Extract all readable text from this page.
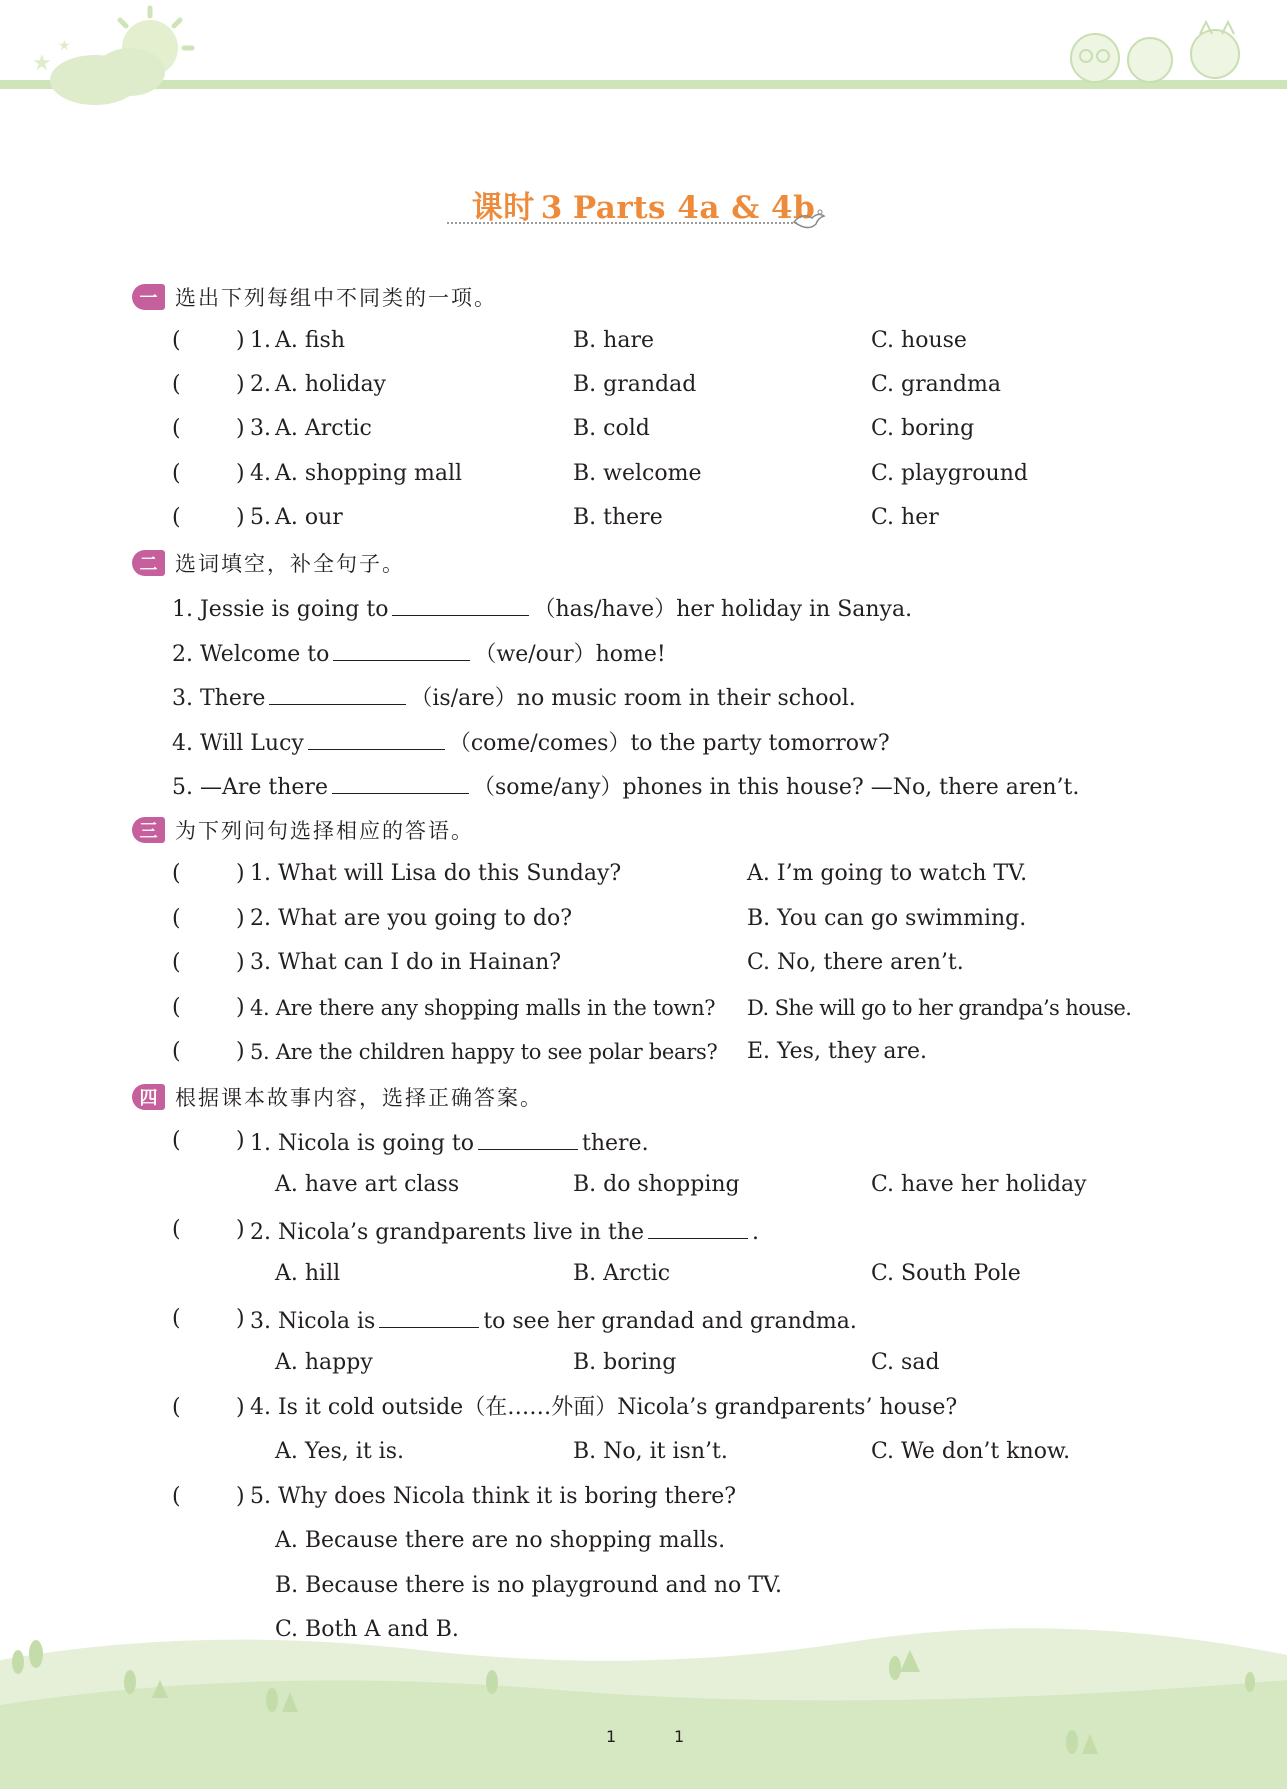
★
★
课时 3 Parts 4a & 4b
一 选出下列每组中不同类的一项。
(	) 1. A. fish	B. hare	C. house
(	) 2. A. holiday	B. grandad	C. grandma
(	) 3. A. Arctic	B. cold	C. boring
(	) 4. A. shopping mall	B. welcome	C. playground
(	) 5. A. our	B. there	C. her
二 选词填空，补全句子。
1. Jessie is going to	（has/have）her holiday in Sanya.
2. Welcome to	（we/our）home!
3. There	（is/are）no music room in their school.
4. Will Lucy	（come/comes）to the party tomorrow?
5. —Are there	（some/any）phones in this house? —No, there aren’t.
三 为下列问句选择相应的答语。
(	) 1. What will Lisa do this Sunday?	A. I’m going to watch TV.
(	) 2. What are you going to do?	B. You can go swimming.
(	) 3. What can I do in Hainan?	C. No, there aren’t.
(	) 4. Are there any shopping malls in the town? D. She will go to her grandpa’s house.
(	) 5. Are the children happy to see polar bears? E. Yes, they are.
四 根据课本故事内容，选择正确答案。
(	) 1. Nicola is going to	there.
A. have art class	B. do shopping	C. have her holiday
(	) 2. Nicola’s grandparents live in the	.
A. hill	B. Arctic	C. South Pole
(	) 3. Nicola is	to see her grandad and grandma.
A. happy	B. boring	C. sad
(	) 4. Is it cold outside（在……外面）Nicola’s grandparents’ house?
A. Yes, it is.	B. No, it isn’t.	C. We don’t know.
(	) 5. Why does Nicola think it is boring there?
A. Because there are no shopping malls.
B. Because there is no playground and no TV.
C. Both A and B.
1	1
